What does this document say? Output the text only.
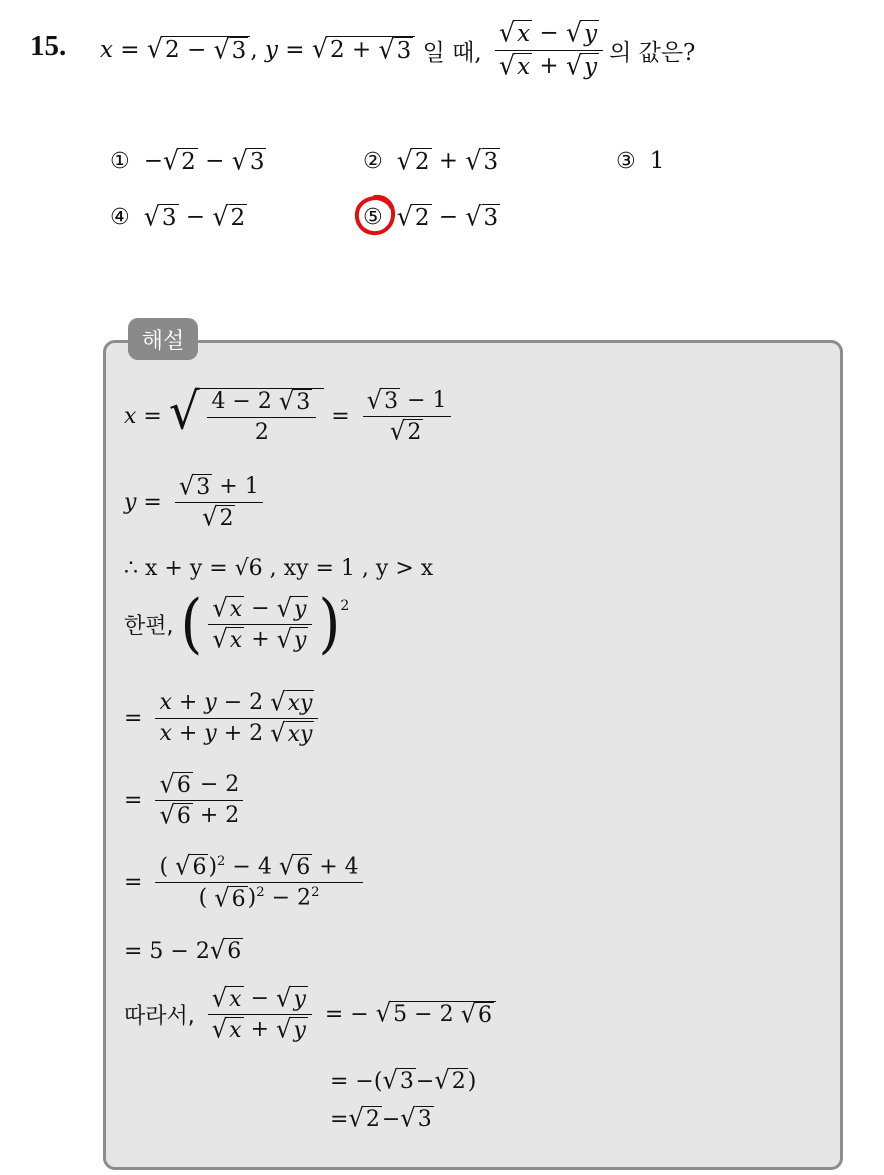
15. x = √ 2 − √ 3 , y = √ 2 + √ 3
일 때,
$\frac{√ x - √ y}{√ x + √ y}$ 의 값은?
① − √ 2 − √ 3	② √ 2 + √ 3	③ 1
④ √ 3 − √ 2	⑤ √ 2 − √ 3
해설
x = √ $\frac{4 - 2 √ 3}{2} = \frac{√ 3 - 1}{√ 2}$
$y = \frac{√ 3 + 1}{√ 2}$
∴ x + y = √6 , xy = 1 , y > x
한편,
( $\frac{√ x - √ y}{√ x + √ y}$ ) 2
= $\frac{x + y - 2 √ xy}{x + y + 2 √ xy}$
= $\frac{√ 6 - 2}{√ 6 + 2}$
= $\frac{( √ 6 )^2 - 4 √ 6 + 4}{( √ 6 )^2 - 2^2}$
= 5 − 2 √ 6
따라서,
$\frac{√ x - √ y}{√ x + √ y}$ = − √ 5 − 2 √ 6
= −( √ 3 − √ 2 )
= √ 2 − √ 3
